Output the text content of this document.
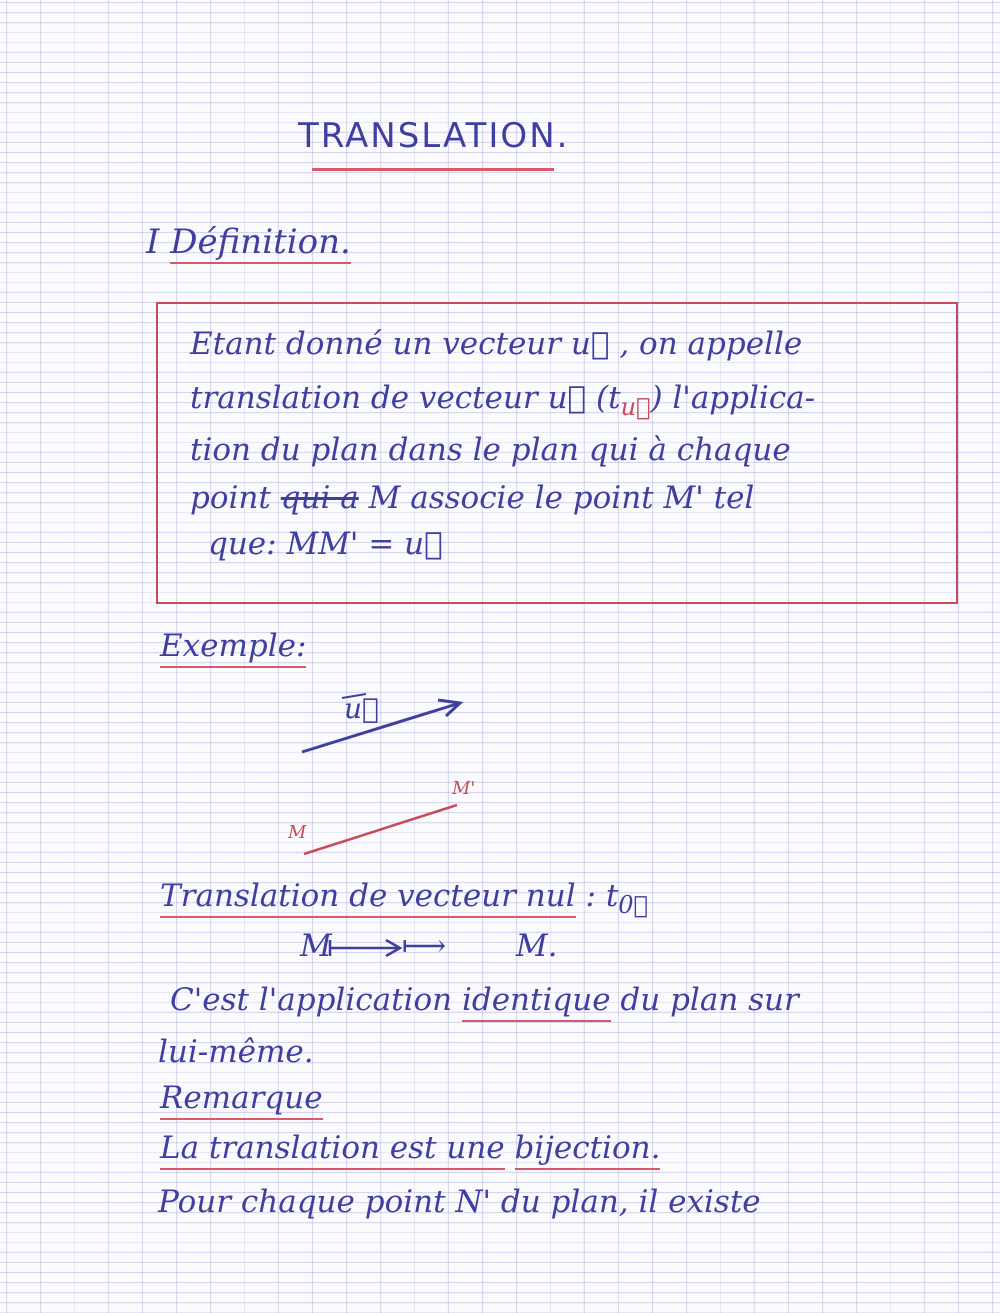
TRANSLATION.
I Définition.
Etant donné un vecteur u⃗ , on appelle
translation de vecteur u⃗ $(t_{u⃗})$ l'applica-
tion du plan dans le plan qui à chaque
point qui a M associe le point M' tel
que: MM' = u⃗
Exemple:
u⃗
M
M'
Translation de vecteur nul : $t_{0⃗}$
M ⟼ M.
C'est l'application identique du plan sur
lui-même.
Remarque
La translation est une bijection.
Pour chaque point N' du plan, il existe
